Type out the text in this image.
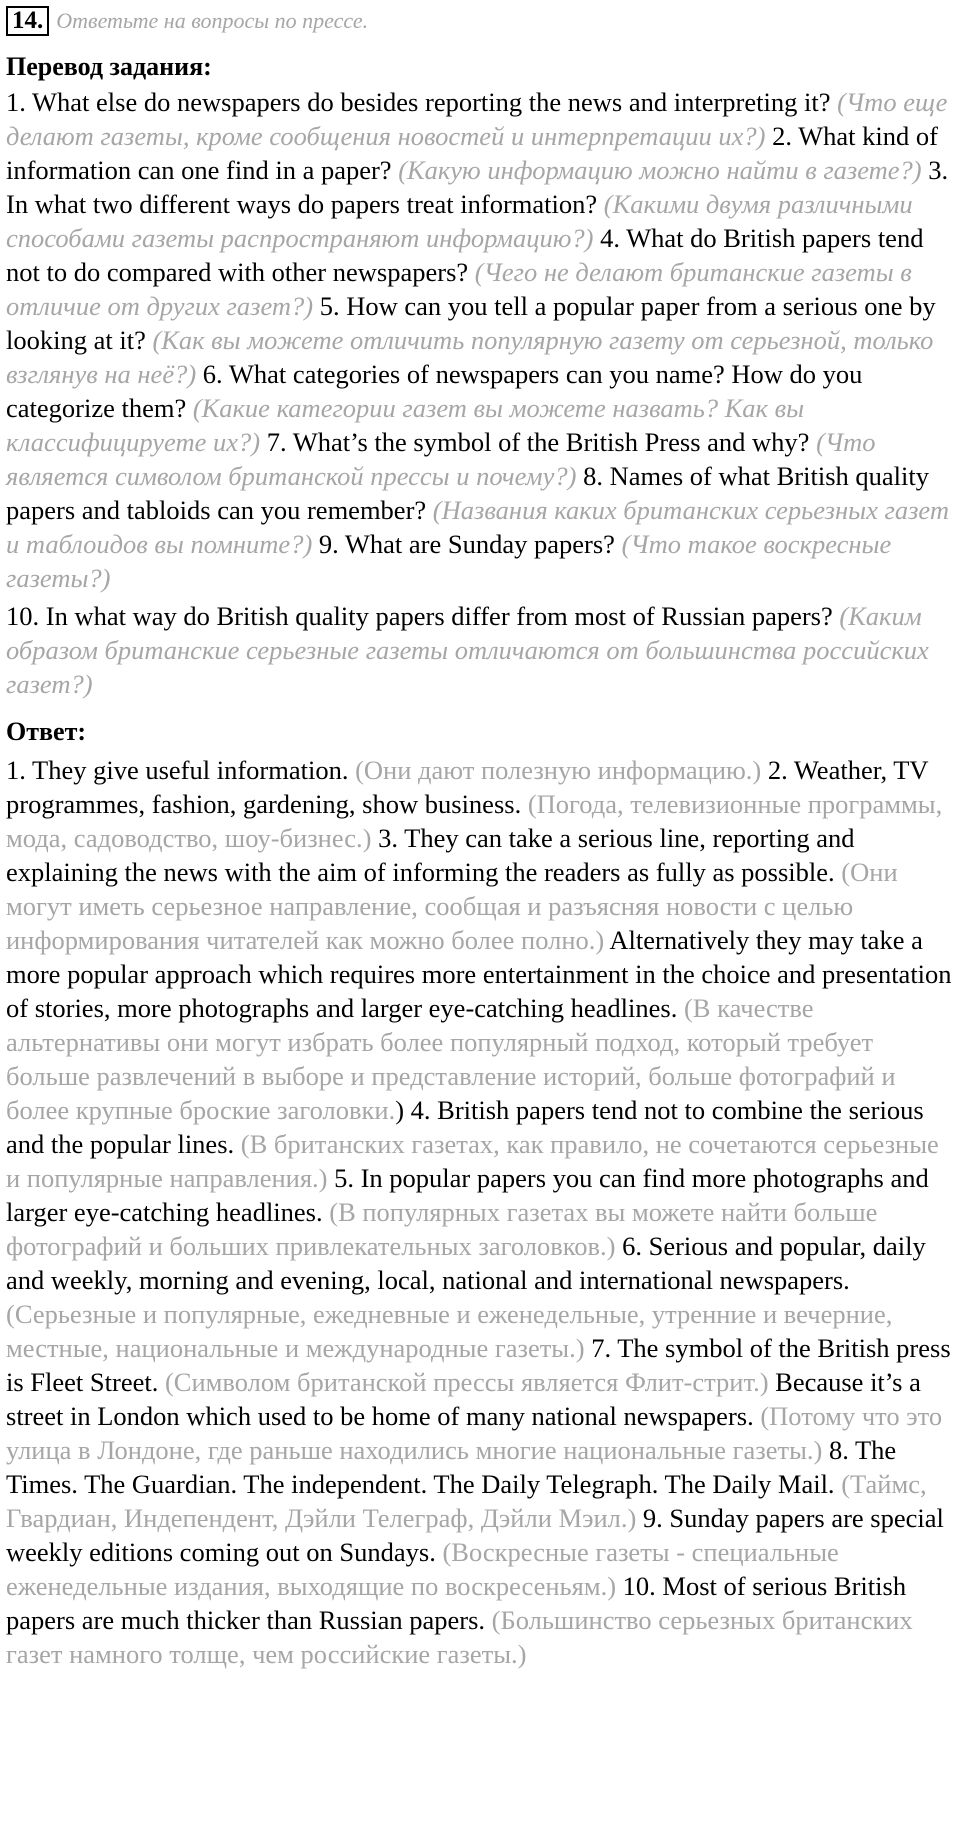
14. Ответьте на вопросы по прессе.
Перевод задания:

1. What else do newspapers do besides reporting the news and interpreting it? (Что еще делают газеты, кроме сообщения новостей и интерпретации их?) 2. What kind of information can one find in a paper? (Какую информацию можно найти в газете?) 3. In what two different ways do papers treat information? (Какими двумя различными способами газеты распространяют информацию?) 4. What do British papers tend not to do compared with other newspapers? (Чего не делают британские газеты в отличие от других газет?) 5. How can you tell a popular paper from a serious one by looking at it? (Как вы можете отличить популярную газету от серьезной, только взглянув на неё?) 6. What categories of newspapers can you name? How do you categorize them? (Какие категории газет вы можете назвать? Как вы классифицируете их?) 7. What’s the symbol of the British Press and why? (Что является символом британской прессы и почему?) 8. Names of what British quality papers and tabloids can you remember? (Названия каких британских серьезных газет и таблоидов вы помните?) 9. What are Sunday papers? (Что такое воскресные газеты?)

10. In what way do British quality papers differ from most of Russian papers? (Каким образом британские серьезные газеты отличаются от большинства российских газет?)

Ответ:

1. They give useful information. (Они дают полезную информацию.) 2. Weather, TV programmes, fashion, gardening, show business. (Погода, телевизионные программы, мода, садоводство, шоу-бизнес.) 3. They can take a serious line, reporting and explaining the news with the aim of informing the readers as fully as possible. (Они могут иметь серьезное направление, сообщая и разъясняя новости с целью информирования читателей как можно более полно.) Alternatively they may take a more popular approach which requires more entertainment in the choice and presentation of stories, more photographs and larger eye-catching headlines. (В качестве альтернативы они могут избрать более популярный подход, который требует больше развлечений в выборе и представление историй, больше фотографий и более крупные броские заголовки.) 4. British papers tend not to combine the serious and the popular lines. (В британских газетах, как правило, не сочетаются серьезные и популярные направления.) 5. In popular papers you can find more photographs and larger eye-catching headlines. (В популярных газетах вы можете найти больше фотографий и больших привлекательных заголовков.) 6. Serious and popular, daily and weekly, morning and evening, local, national and international newspapers. (Серьезные и популярные, ежедневные и еженедельные, утренние и вечерние, местные, национальные и международные газеты.) 7. The symbol of the British press is Fleet Street. (Символом британской прессы является Флит-стрит.) Because it’s a street in London which used to be home of many national newspapers. (Потому что это улица в Лондоне, где раньше находились многие национальные газеты.) 8. The Times. The Guardian. The independent. The Daily Telegraph. The Daily Mail. (Таймс, Гвардиан, Индепендент, Дэйли Телеграф, Дэйли Мэил.) 9. Sunday papers are special weekly editions coming out on Sundays. (Воскресные газеты - специальные еженедельные издания, выходящие по воскресеньям.) 10. Most of serious British papers are much thicker than Russian papers. (Большинство серьезных британских газет намного толще, чем российские газеты.)
